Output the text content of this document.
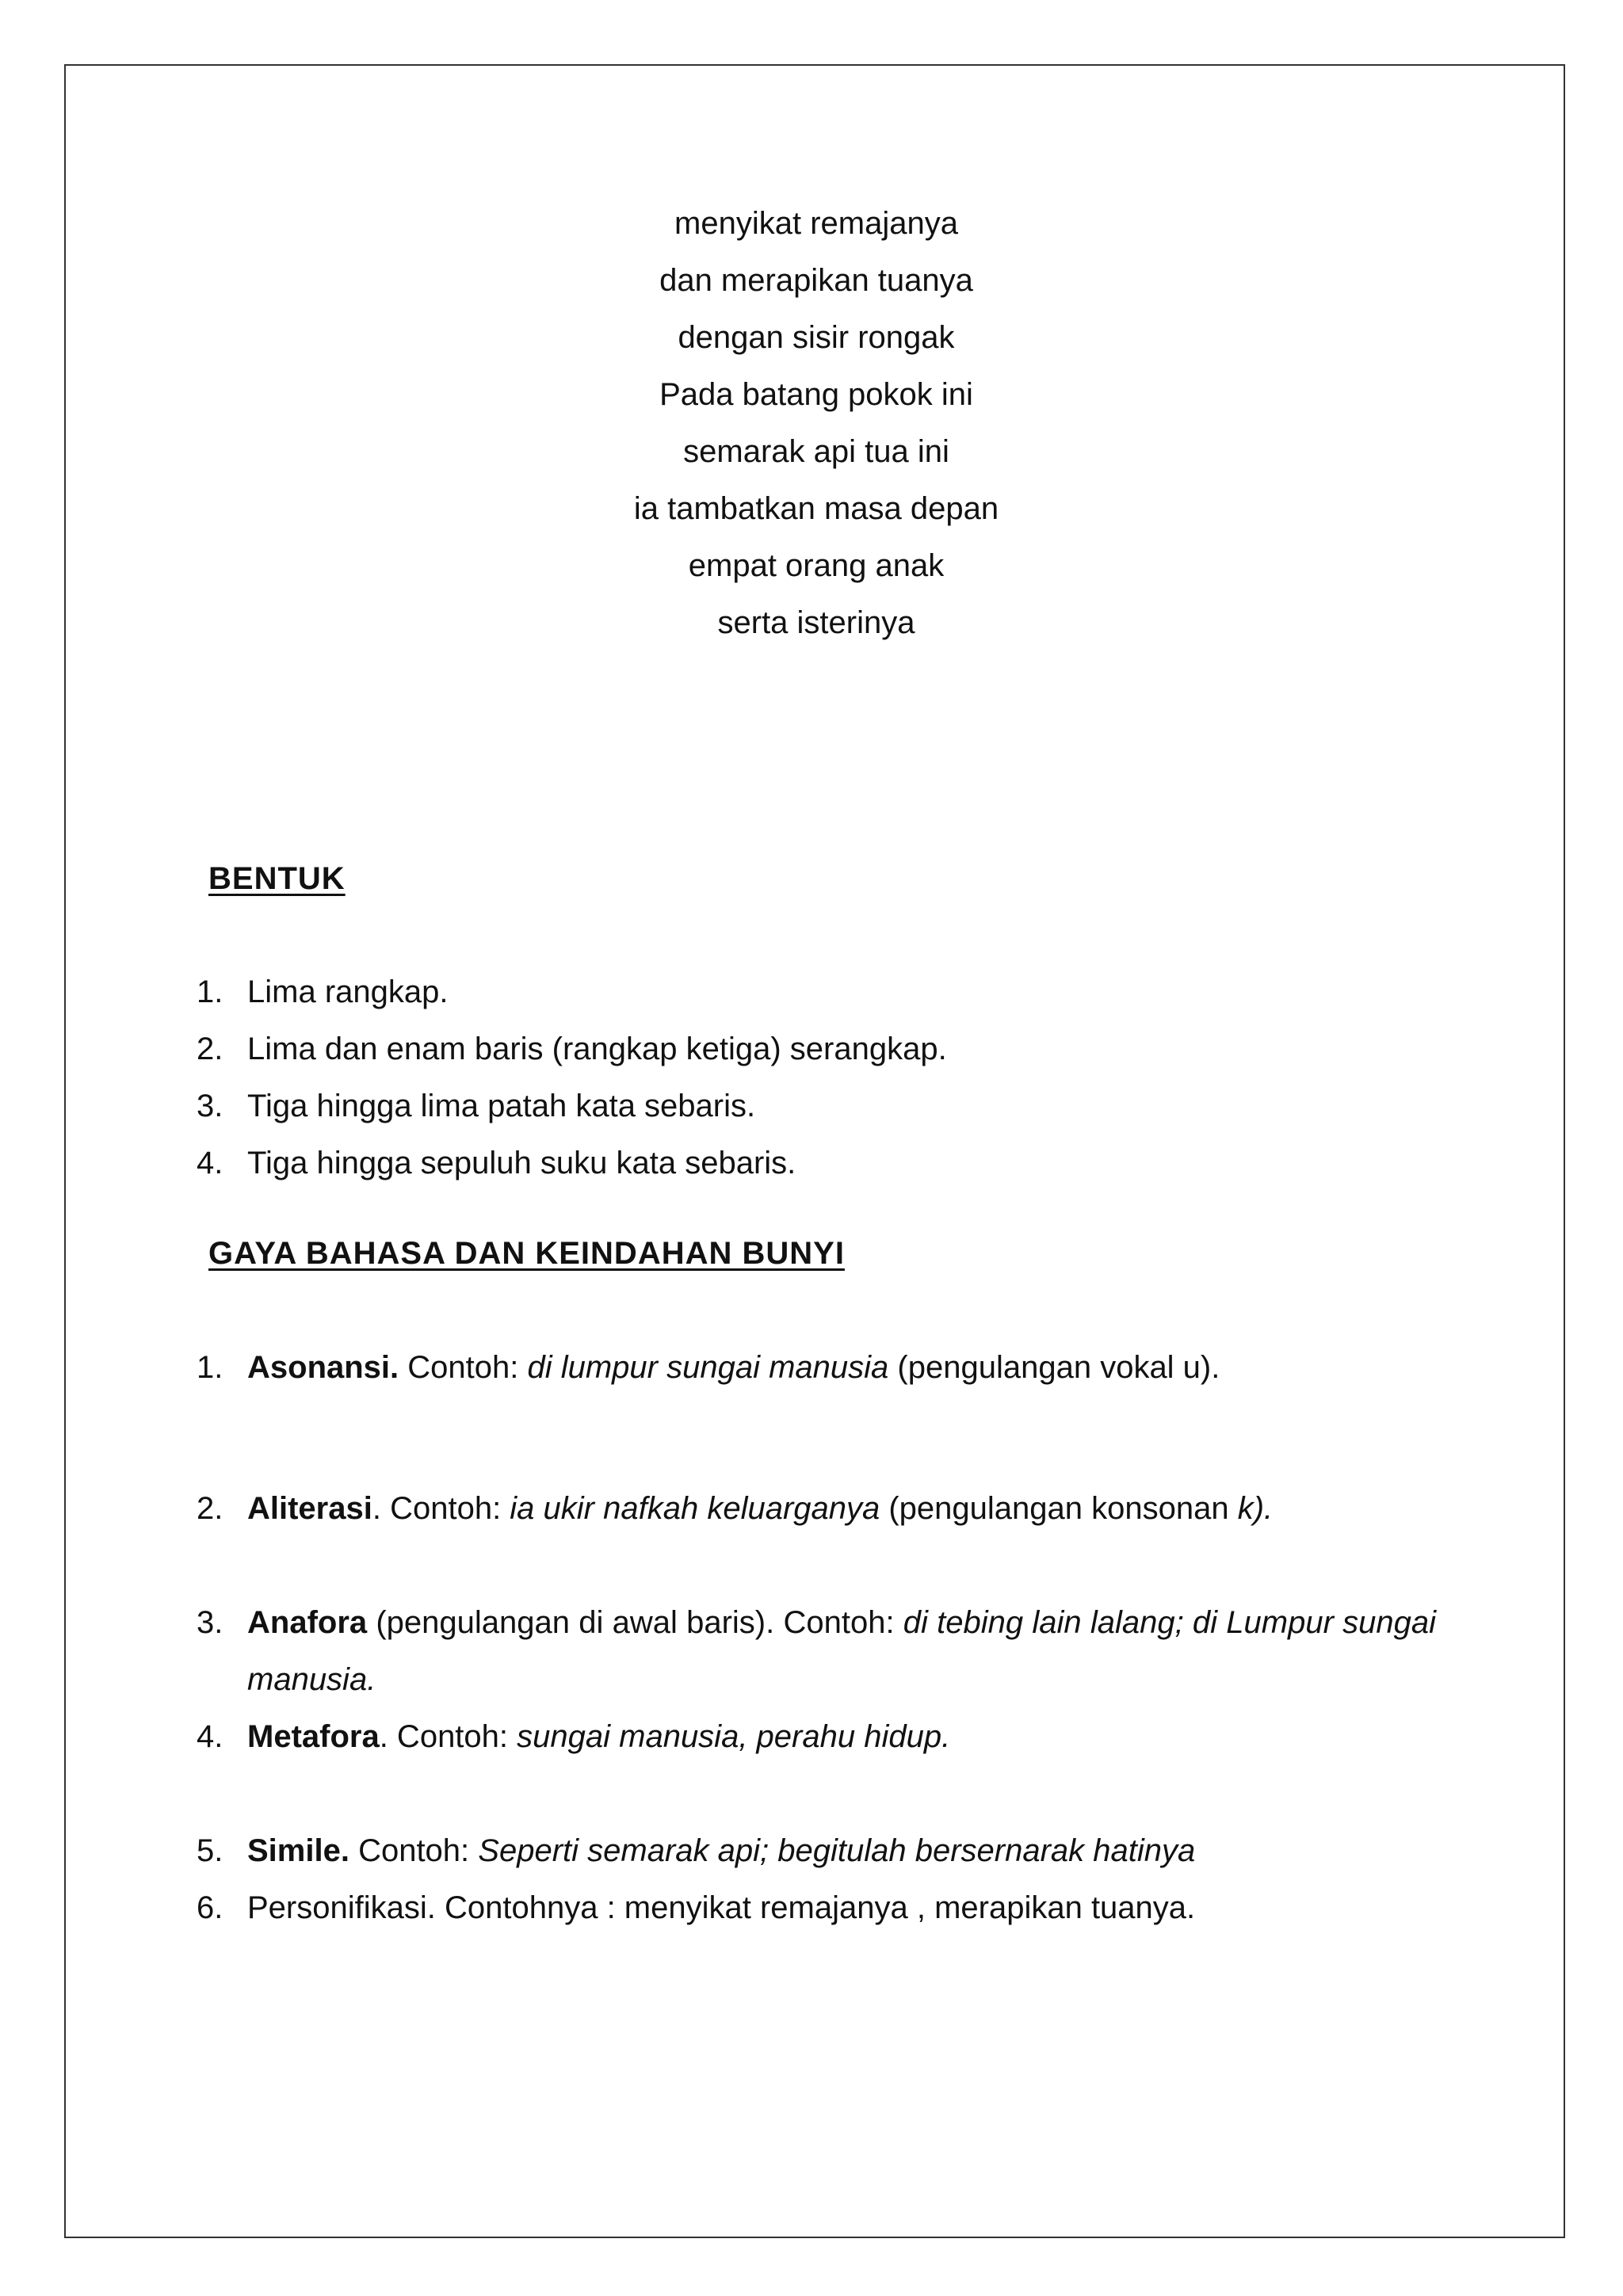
menyikat remajanya
dan merapikan tuanya
dengan sisir rongak
Pada batang pokok ini
semarak api tua ini
ia tambatkan masa depan
empat orang anak
serta isterinya
BENTUK
1. Lima rangkap.
2. Lima dan enam baris (rangkap ketiga) serangkap.
3. Tiga hingga lima patah kata sebaris.
4. Tiga hingga sepuluh suku kata sebaris.
GAYA BAHASA DAN KEINDAHAN BUNYI
1. Asonansi. Contoh: di lumpur sungai manusia (pengulangan vokal u).
2. Aliterasi. Contoh: ia ukir nafkah keluarganya (pengulangan konsonan k).
3. Anafora (pengulangan di awal baris). Contoh: di tebing lain lalang; di Lumpur sungai manusia.
4. Metafora. Contoh: sungai manusia, perahu hidup.
5. Simile. Contoh: Seperti semarak api; begitulah bersernarak hatinya
6. Personifikasi. Contohnya : menyikat remajanya , merapikan tuanya.
